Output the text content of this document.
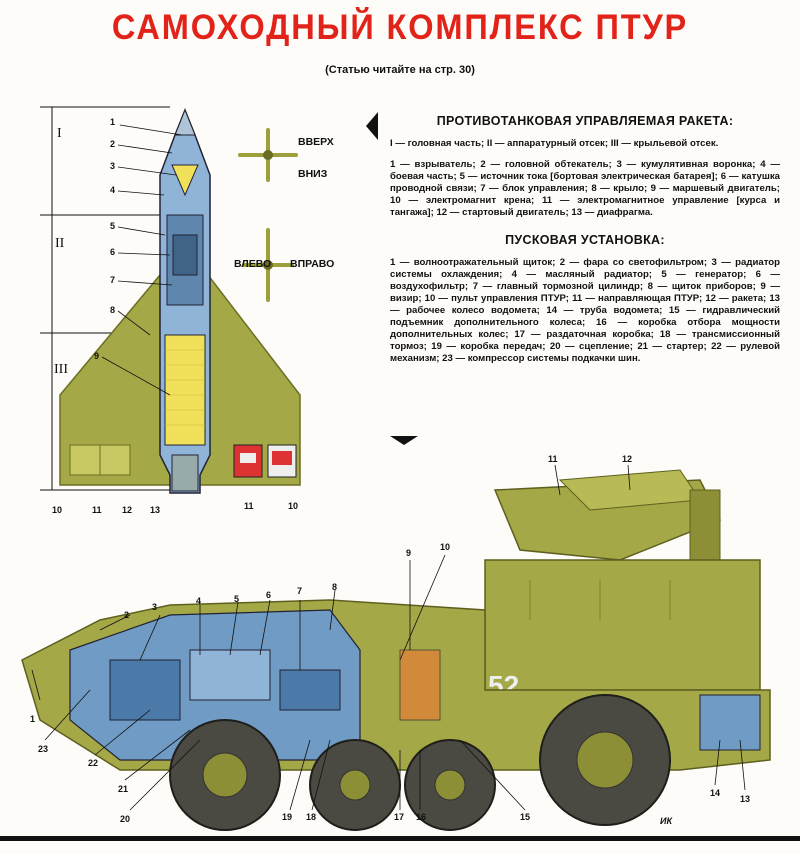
САМОХОДНЫЙ КОМПЛЕКС ПТУР
(Статью читайте на стр. 30)
ПРОТИВОТАНКОВАЯ УПРАВЛЯЕМАЯ РАКЕТА:

I — головная часть; II — аппаратурный отсек; III — крыльевой отсек.

1 — взрыватель; 2 — головной обтекатель; 3 — кумулятивная воронка; 4 — боевая часть; 5 — источник тока [бортовая электрическая батарея]; 6 — катушка проводной связи; 7 — блок управления; 8 — крыло; 9 — маршевый двигатель; 10 — электромагнит крена; 11 — электромагнитное управление [курса и тангажа]; 12 — стартовый двигатель; 13 — диафрагма.

ПУСКОВАЯ УСТАНОВКА:

1 — волноотражательный щиток; 2 — фара со светофильтром; 3 — радиатор системы охлаждения; 4 — масляный радиатор; 5 — генератор; 6 — воздухофильтр; 7 — главный тормозной цилиндр; 8 — щиток приборов; 9 — визир; 10 — пульт управления ПТУР; 11 — направляющая ПТУР; 12 — ракета; 13 — рабочее колесо водомета; 14 — труба водомета; 15 — гидравлический подъемник дополнительного колеса; 16 — коробка отбора мощности дополнительных колес; 17 — раздаточная коробка; 18 — трансмиссионный тормоз; 19 — коробка передач; 20 — сцепление; 21 — стартер; 22 — рулевой механизм; 23 — компрессор системы подкачки шин.

I
II
III
ВВЕРХ
ВНИЗ
ВЛЕВО ВПРАВО
1
2
3
4
5
6
7
8
9
10	11 12 13	11	10
52
1
2
3
4	5	6	7	8
9
10
11	12
13
14
15
16
17
18
19
20
21
22
23
ИК
